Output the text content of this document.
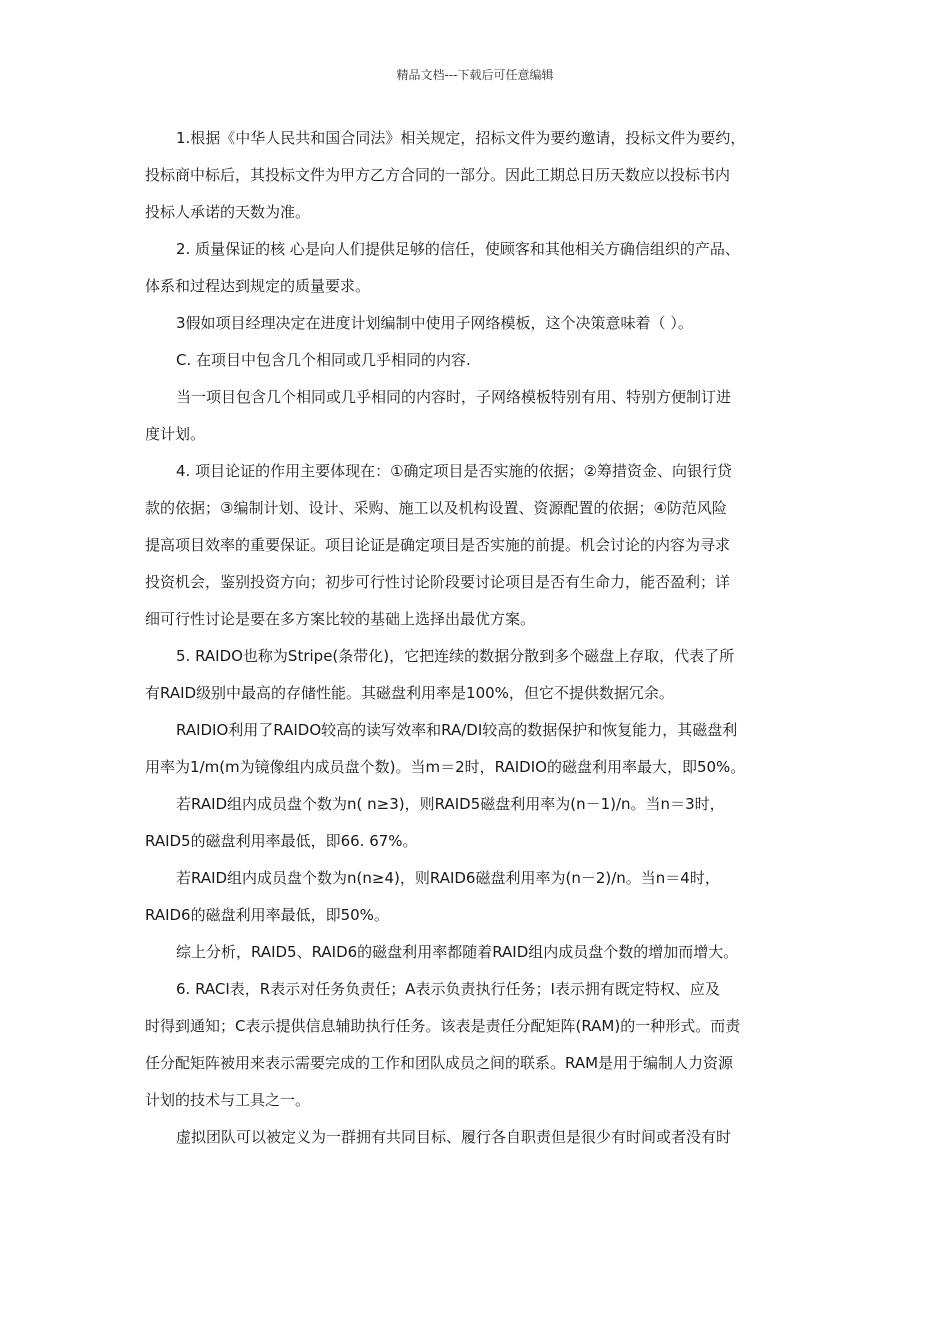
精品文档---下载后可任意编辑

1.根据《中华人民共和国合同法》相关规定，招标文件为要约邀请，投标文件为要约，

投标商中标后，其投标文件为甲方乙方合同的一部分。因此工期总日历天数应以投标书内

投标人承诺的天数为准。

2. 质量保证的核 心是向人们提供足够的信任，使顾客和其他相关方确信组织的产品、

体系和过程达到规定的质量要求。

3假如项目经理决定在进度计划编制中使用子网络模板，这个决策意味着（ ）。

C. 在项目中包含几个相同或几乎相同的内容.

当一项目包含几个相同或几乎相同的内容时，子网络模板特别有用、特别方便制订进

度计划。

4. 项目论证的作用主要体现在：①确定项目是否实施的依据；②筹措资金、向银行贷

款的依据；③编制计划、设计、采购、施工以及机构设置、资源配置的依据；④防范风险

提高项目效率的重要保证。项目论证是确定项目是否实施的前提。机会讨论的内容为寻求

投资机会，鉴别投资方向；初步可行性讨论阶段要讨论项目是否有生命力，能否盈利；详

细可行性讨论是要在多方案比较的基础上选择出最优方案。

5. RAIDO也称为Stripe(条带化)，它把连续的数据分散到多个磁盘上存取，代表了所

有RAID级别中最高的存储性能。其磁盘利用率是100%，但它不提供数据冗余。

RAIDIO利用了RAIDO较高的读写效率和RA/DI较高的数据保护和恢复能力，其磁盘利

用率为1/m(m为镜像组内成员盘个数)。当m＝2时，RAIDIO的磁盘利用率最大，即50%。

若RAID组内成员盘个数为n( n≥3)，则RAID5磁盘利用率为(n－1)/n。当n＝3时，

RAID5的磁盘利用率最低，即66. 67%。

若RAID组内成员盘个数为n(n≥4)，则RAID6磁盘利用率为(n－2)/n。当n＝4时，

RAID6的磁盘利用率最低，即50%。

综上分析，RAID5、RAID6的磁盘利用率都随着RAID组内成员盘个数的增加而增大。

6. RACI表，R表示对任务负责任；A表示负责执行任务；I表示拥有既定特权、应及

时得到通知；C表示提供信息辅助执行任务。该表是责任分配矩阵(RAM)的一种形式。而责

任分配矩阵被用来表示需要完成的工作和团队成员之间的联系。RAM是用于编制人力资源

计划的技术与工具之一。

虚拟团队可以被定义为一群拥有共同目标、履行各自职责但是很少有时间或者没有时
